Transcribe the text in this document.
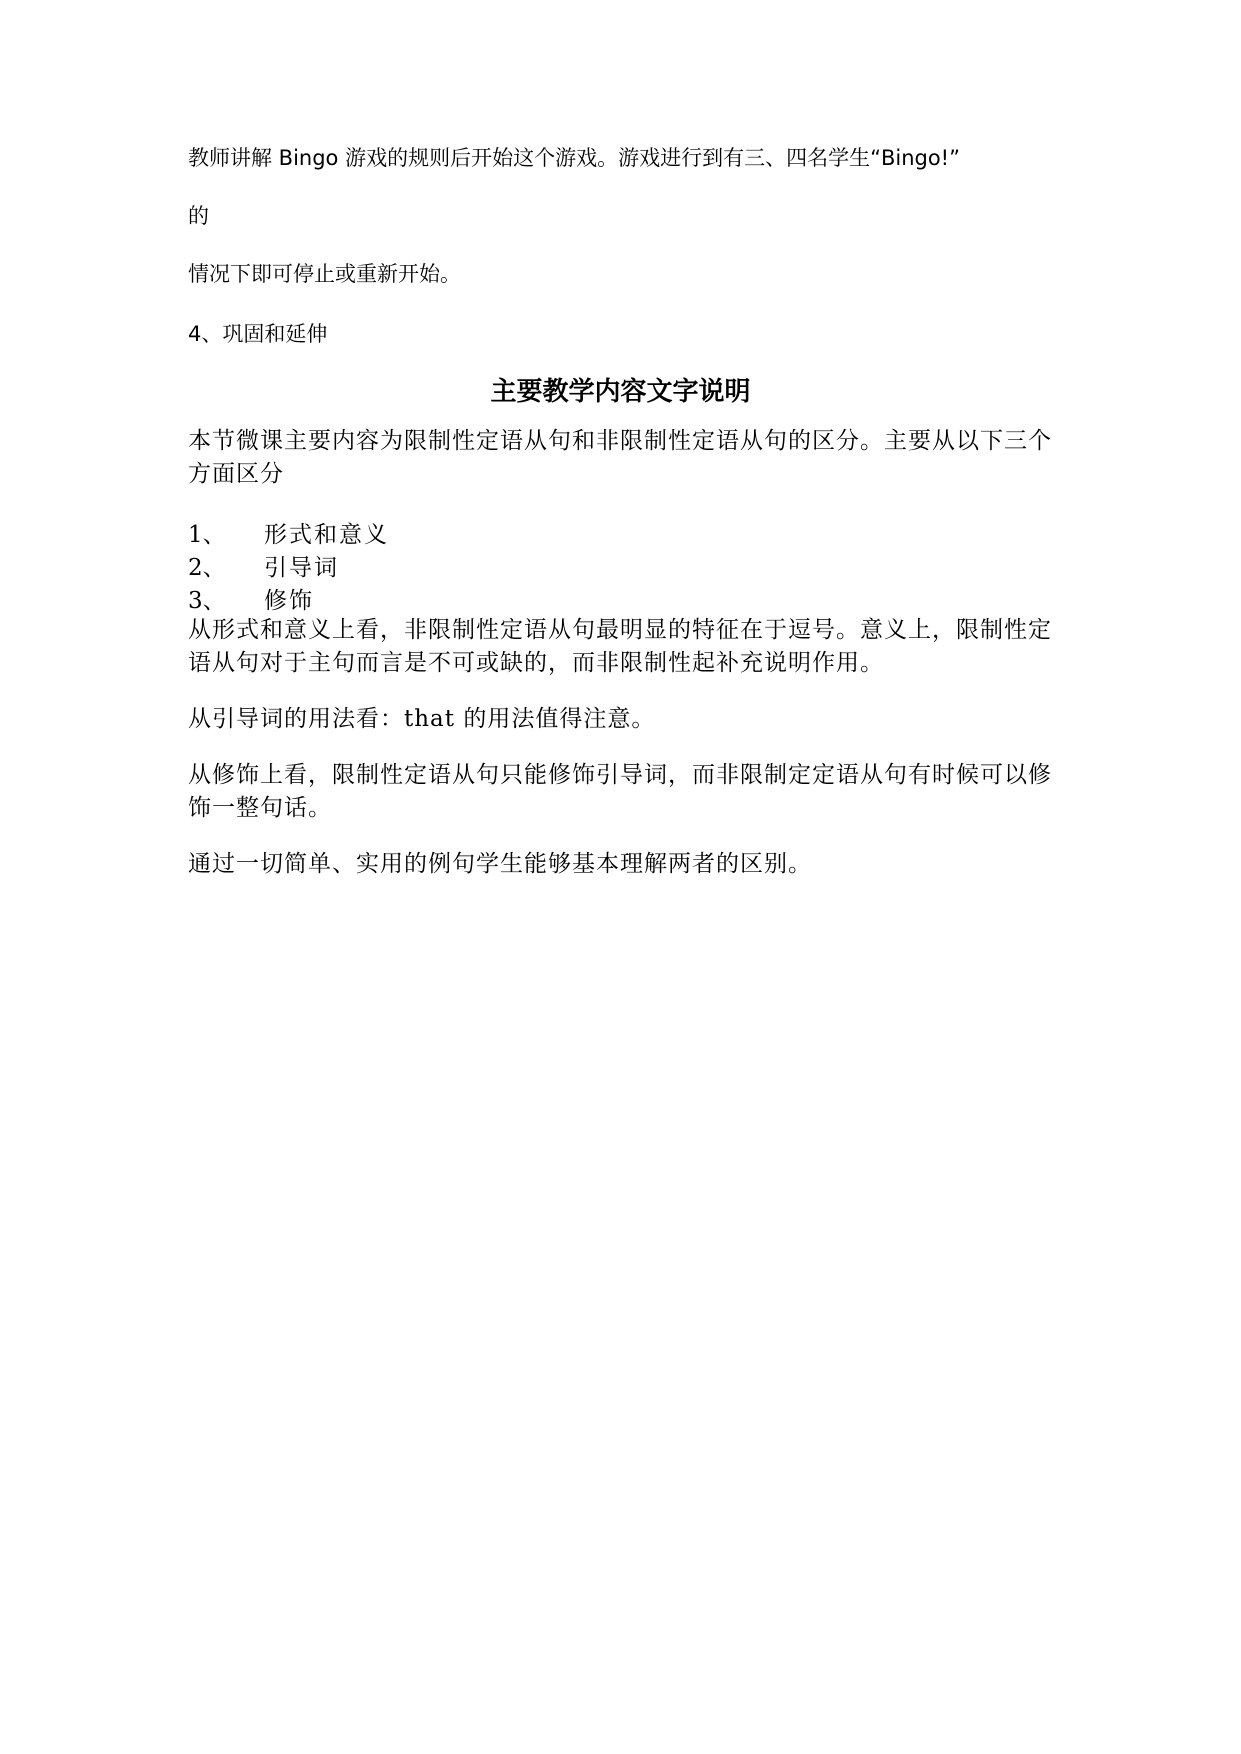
教师讲解 Bingo 游戏的规则后开始这个游戏。游戏进行到有三、四名学生“Bingo!”

的

情况下即可停止或重新开始。

4、巩固和延伸

主要教学内容文字说明

本节微课主要内容为限制性定语从句和非限制性定语从句的区分。主要从以下三个方面区分

1、 形式和意义
2、 引导词
3、 修饰

从形式和意义上看，非限制性定语从句最明显的特征在于逗号。意义上，限制性定语从句对于主句而言是不可或缺的，而非限制性起补充说明作用。

从引导词的用法看：that 的用法值得注意。

从修饰上看，限制性定语从句只能修饰引导词，而非限制定定语从句有时候可以修饰一整句话。

通过一切简单、实用的例句学生能够基本理解两者的区别。
